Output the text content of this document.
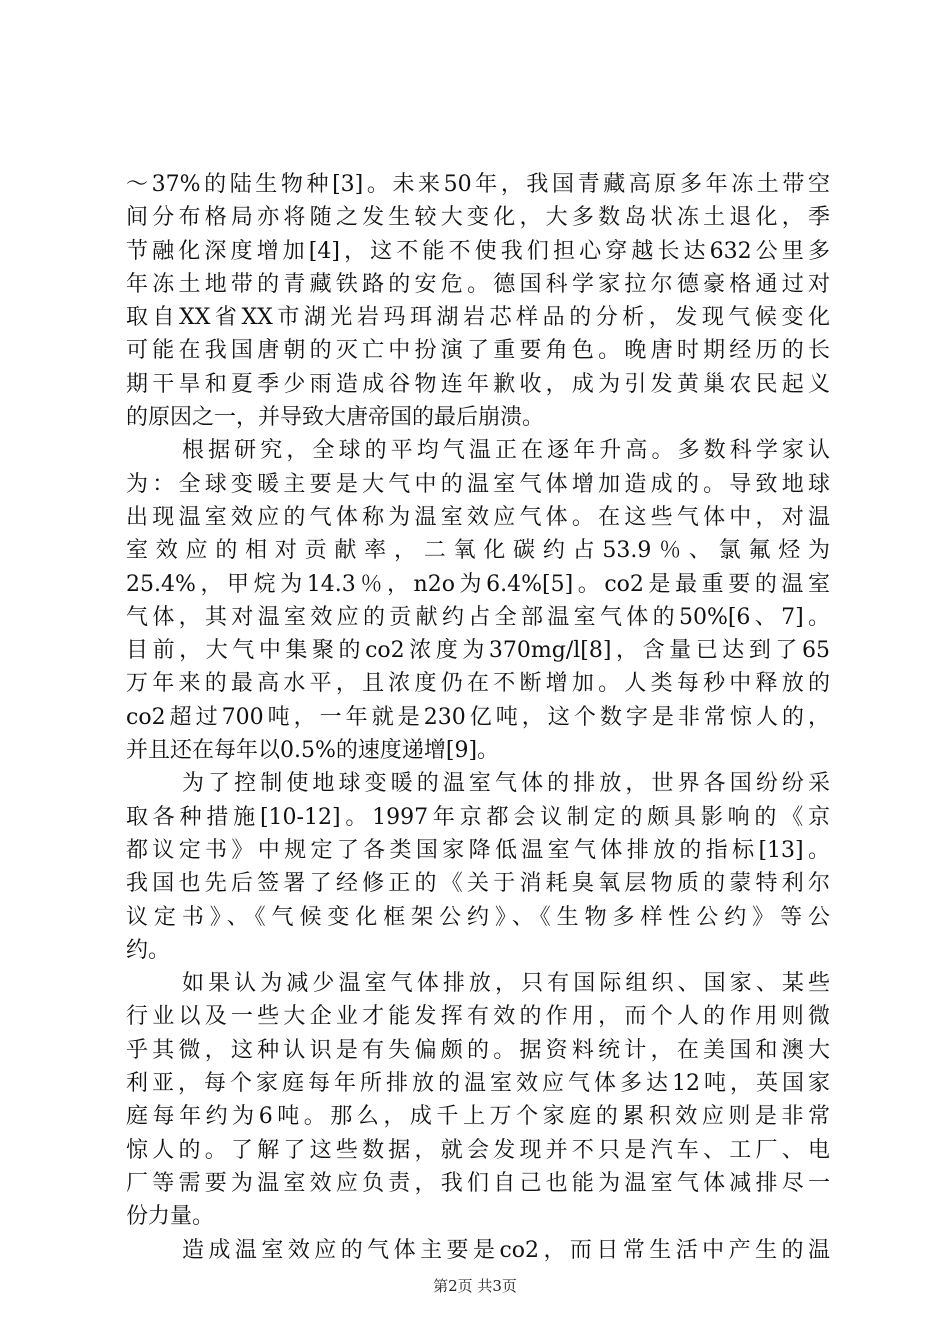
～37%的陆生物种[3]。未来50年，我国青藏高原多年冻土带空
间分布格局亦将随之发生较大变化，大多数岛状冻土退化，季
节融化深度增加[4]，这不能不使我们担心穿越长达632公里多
年冻土地带的青藏铁路的安危。德国科学家拉尔德豪格通过对
取自XX省XX市湖光岩玛珥湖岩芯样品的分析，发现气候变化
可能在我国唐朝的灭亡中扮演了重要角色。晚唐时期经历的长
期干旱和夏季少雨造成谷物连年歉收，成为引发黄巢农民起义
的原因之一，并导致大唐帝国的最后崩溃。
根据研究，全球的平均气温正在逐年升高。多数科学家认
为：全球变暖主要是大气中的温室气体增加造成的。导致地球
出现温室效应的气体称为温室效应气体。在这些气体中，对温
室效应的相对贡献率，二氧化碳约占53.9％、氯氟烃为
25.4%，甲烷为14.3％，n2o为6.4%[5]。co2是最重要的温室
气体，其对温室效应的贡献约占全部温室气体的50%[6、7]。
目前，大气中集聚的co2浓度为370mg/l[8]，含量已达到了65
万年来的最高水平，且浓度仍在不断增加。人类每秒中释放的
co2超过700吨，一年就是230亿吨，这个数字是非常惊人的，
并且还在每年以0.5%的速度递增[9]。
为了控制使地球变暖的温室气体的排放，世界各国纷纷采
取各种措施[10-12]。1997年京都会议制定的颇具影响的《京
都议定书》中规定了各类国家降低温室气体排放的指标[13]。
我国也先后签署了经修正的《关于消耗臭氧层物质的蒙特利尔
议定书》、《气候变化框架公约》、《生物多样性公约》等公
约。
如果认为减少温室气体排放，只有国际组织、国家、某些
行业以及一些大企业才能发挥有效的作用，而个人的作用则微
乎其微，这种认识是有失偏颇的。据资料统计，在美国和澳大
利亚，每个家庭每年所排放的温室效应气体多达12吨，英国家
庭每年约为6吨。那么，成千上万个家庭的累积效应则是非常
惊人的。了解了这些数据，就会发现并不只是汽车、工厂、电
厂等需要为温室效应负责，我们自己也能为温室气体减排尽一
份力量。
造成温室效应的气体主要是co2，而日常生活中产生的温
第2页 共3页
